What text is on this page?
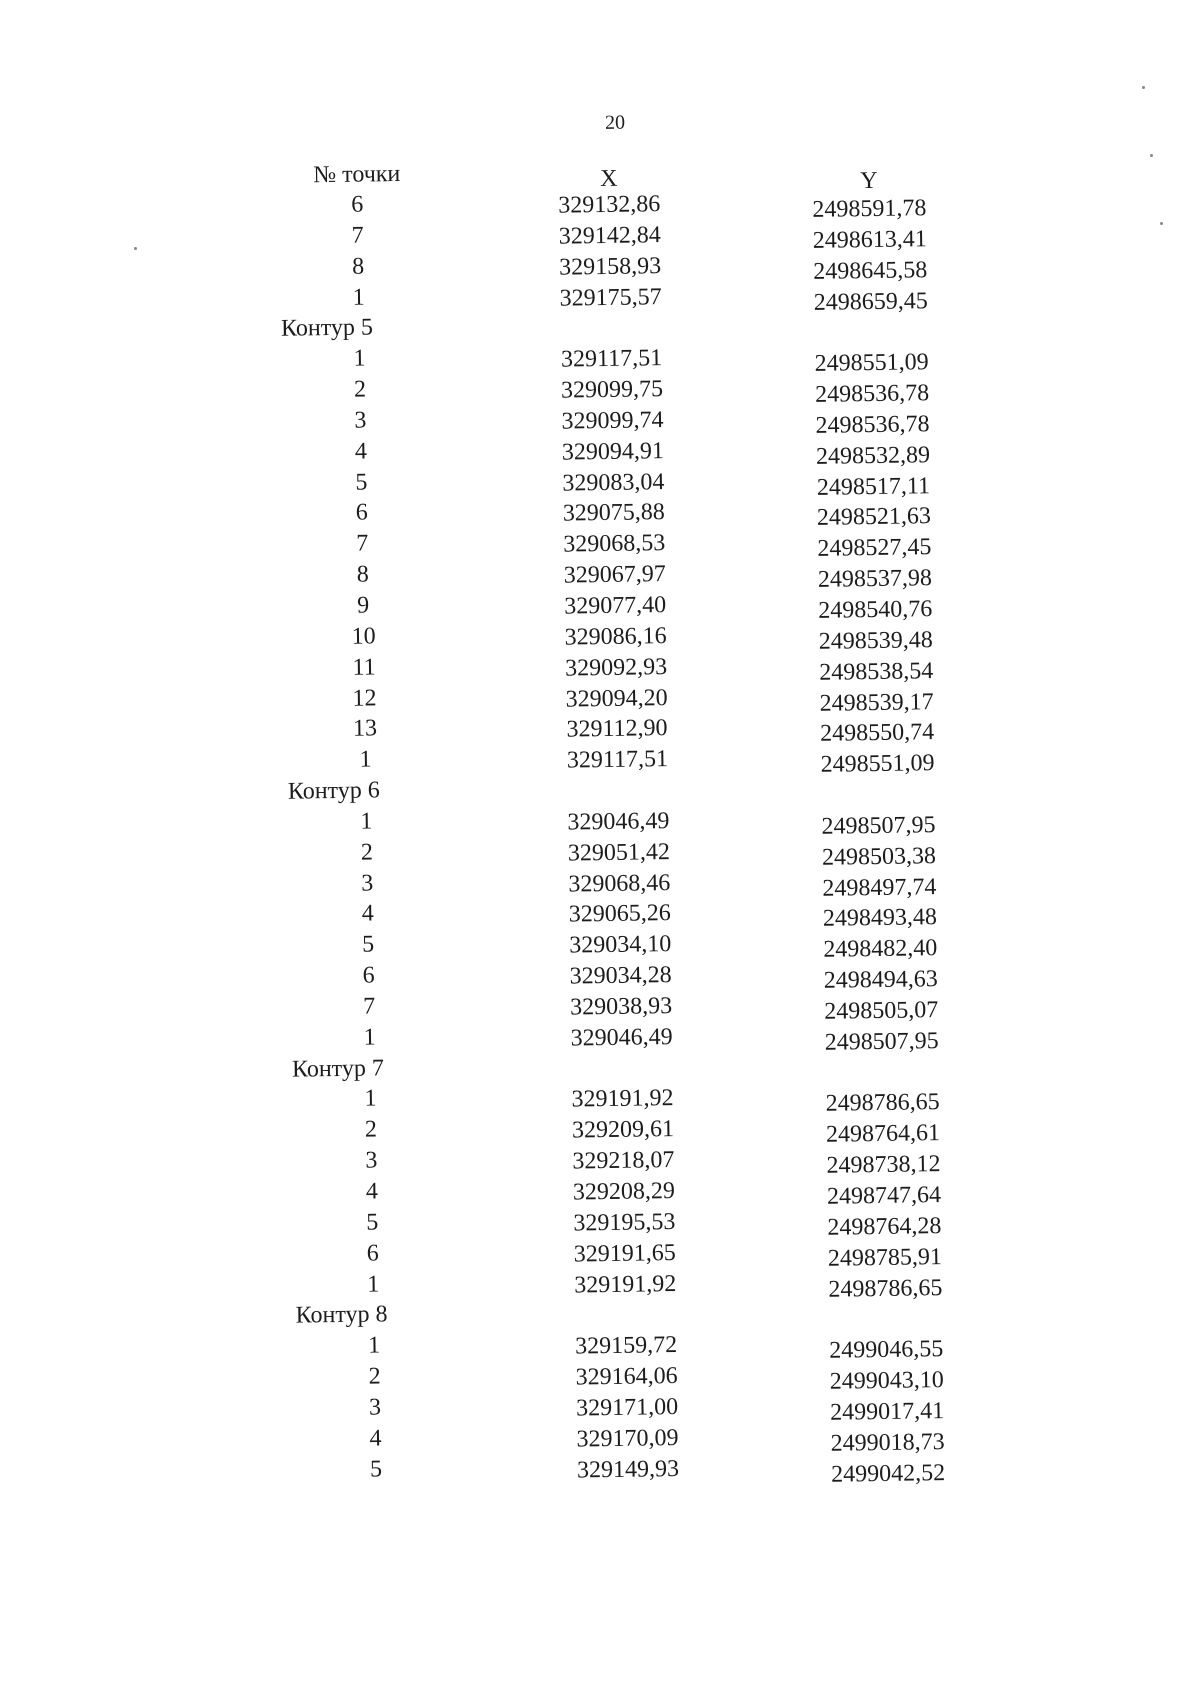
20
№ точки	X	Y
6	329132,86	2498591,78
7	329142,84	2498613,41
8	329158,93	2498645,58
1	329175,57	2498659,45
Контур 5
1	329117,51	2498551,09
2	329099,75	2498536,78
3	329099,74	2498536,78
4	329094,91	2498532,89
5	329083,04	2498517,11
6	329075,88	2498521,63
7	329068,53	2498527,45
8	329067,97	2498537,98
9	329077,40	2498540,76
10	329086,16	2498539,48
11	329092,93	2498538,54
12	329094,20	2498539,17
13	329112,90	2498550,74
1	329117,51	2498551,09
Контур 6
1	329046,49	2498507,95
2	329051,42	2498503,38
3	329068,46	2498497,74
4	329065,26	2498493,48
5	329034,10	2498482,40
6	329034,28	2498494,63
7	329038,93	2498505,07
1	329046,49	2498507,95
Контур 7
1	329191,92	2498786,65
2	329209,61	2498764,61
3	329218,07	2498738,12
4	329208,29	2498747,64
5	329195,53	2498764,28
6	329191,65	2498785,91
1	329191,92	2498786,65
Контур 8
1	329159,72	2499046,55
2	329164,06	2499043,10
3	329171,00	2499017,41
4	329170,09	2499018,73
5	329149,93	2499042,52
